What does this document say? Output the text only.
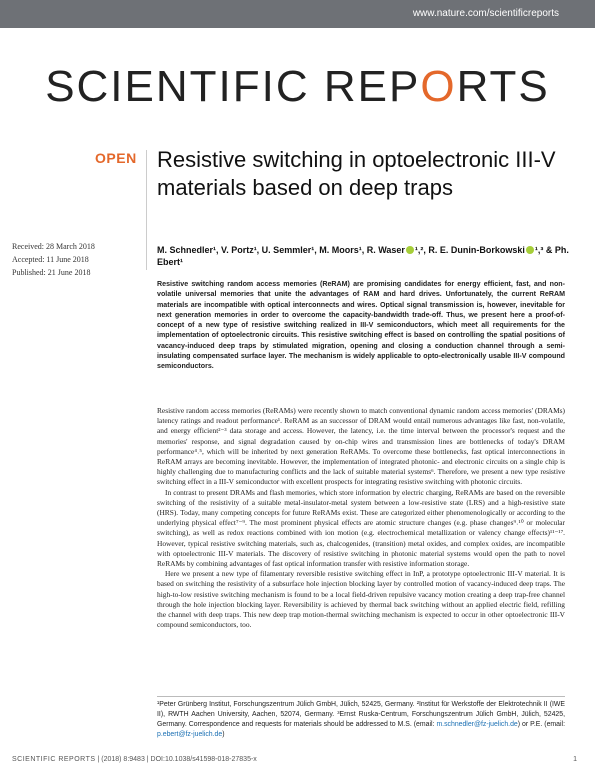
www.nature.com/scientificreports
SCIENTIFIC REPORTS
OPEN Resistive switching in optoelectronic III-V materials based on deep traps
Received: 28 March 2018
Accepted: 11 June 2018
Published: 21 June 2018
M. Schnedler¹, V. Portz¹, U. Semmler¹, M. Moors¹, R. Waser ¹,², R. E. Dunin-Borkowski ¹,³ & Ph. Ebert¹
Resistive switching random access memories (ReRAM) are promising candidates for energy efficient, fast, and non-volatile universal memories that unite the advantages of RAM and hard drives. Unfortunately, the current ReRAM materials are incompatible with optical interconnects and wires. Optical signal transmission is, however, inevitable for next generation memories in order to overcome the capacity-bandwidth trade-off. Thus, we present here a proof-of-concept of a new type of resistive switching realized in III-V semiconductors, which meet all requirements for the implementation of optoelectronic circuits. This resistive switching effect is based on controlling the spatial positions of vacancy-induced deep traps by stimulated migration, opening and closing a conduction channel through a semi-insulating compensated surface layer. The mechanism is widely applicable to opto-electronically usable III-V compound semiconductors.

Resistive random access memories (ReRAMs) were recently shown to match conventional dynamic random access memories' (DRAMs) latency ratings and readout performance¹. ReRAM as an successor of DRAM would entail numerous advantages like fast, non-volatile, and energy efficient²⁻³ data storage and access. However, the latency, i.e. the time interval between the processor's request and the memories' response, and signal degradation caused by on-chip wires and transmission lines are bottlenecks of today's DRAM performance⁴˒⁵, which will be inherited by next generation ReRAMs. To overcome these bottlenecks, fast optical interconnections in ReRAM arrays are becoming inevitable. However, the implementation of integrated photonic- and electronic circuits on a single chip is highly challenging due to manufacturing conflicts and the lack of suitable material systems⁶. Therefore, we present a new type resistive switching effect in a III-V semiconductor with excellent prospects for integrating resistive switching with photonic circuits.

In contrast to present DRAMs and flash memories, which store information by electric charging, ReRAMs are based on the reversible switching of the resistivity of a suitable metal-insulator-metal system between a low-resistive state (LRS) and a high-resistive state (HRS). Today, many competing concepts for future ReRAMs exist. These are categorized either phenomenologically or according to the underlying physical effect⁷⁻⁹. The most prominent physical effects are atomic structure changes (e.g. phase changes⁹˒¹⁰ or molecular switching), as well as redox reactions combined with ion motion (e.g. electrochemical metallization or valency change effects)¹¹⁻¹⁷. However, typical resistive switching materials, such as, chalcogenides, (transition) metal oxides, and complex oxides, are incompatible with optoelectronic III-V materials. The discovery of resistive switching in photonic material systems would open the path to novel ReRAMs by combining advantages of fast optical information transfer with resistive information storage.

Here we present a new type of filamentary reversible resistive switching effect in InP, a prototype optoelectronic III-V material. It is based on switching the resistivity of a subsurface hole injection blocking layer by controlled motion of vacancy-induced deep traps. The high-to-low resistive switching mechanism is found to be a local field-driven repulsive vacancy motion creating a deep trap-free channel through the hole injection blocking layer. Reversibility is achieved by thermal back switching without an applied electric field, refilling the channel with deep traps. This new deep trap motion-thermal switching mechanism is expected to occur in other optoelectronic III-V compound semiconductors, too.

¹Peter Grünberg Institut, Forschungszentrum Jülich GmbH, Jülich, 52425, Germany. ²Institut für Werkstoffe der Elektrotechnik II (IWE II), RWTH Aachen University, Aachen, 52074, Germany. ³Ernst Ruska-Centrum, Forschungszentrum Jülich GmbH, Jülich, 52425, Germany. Correspondence and requests for materials should be addressed to M.S. (email: m.schnedler@fz-juelich.de) or P.E. (email: p.ebert@fz-juelich.de)
SCIENTIFIC REPORTS | (2018) 8:9483 | DOI:10.1038/s41598-018-27835-x	1
